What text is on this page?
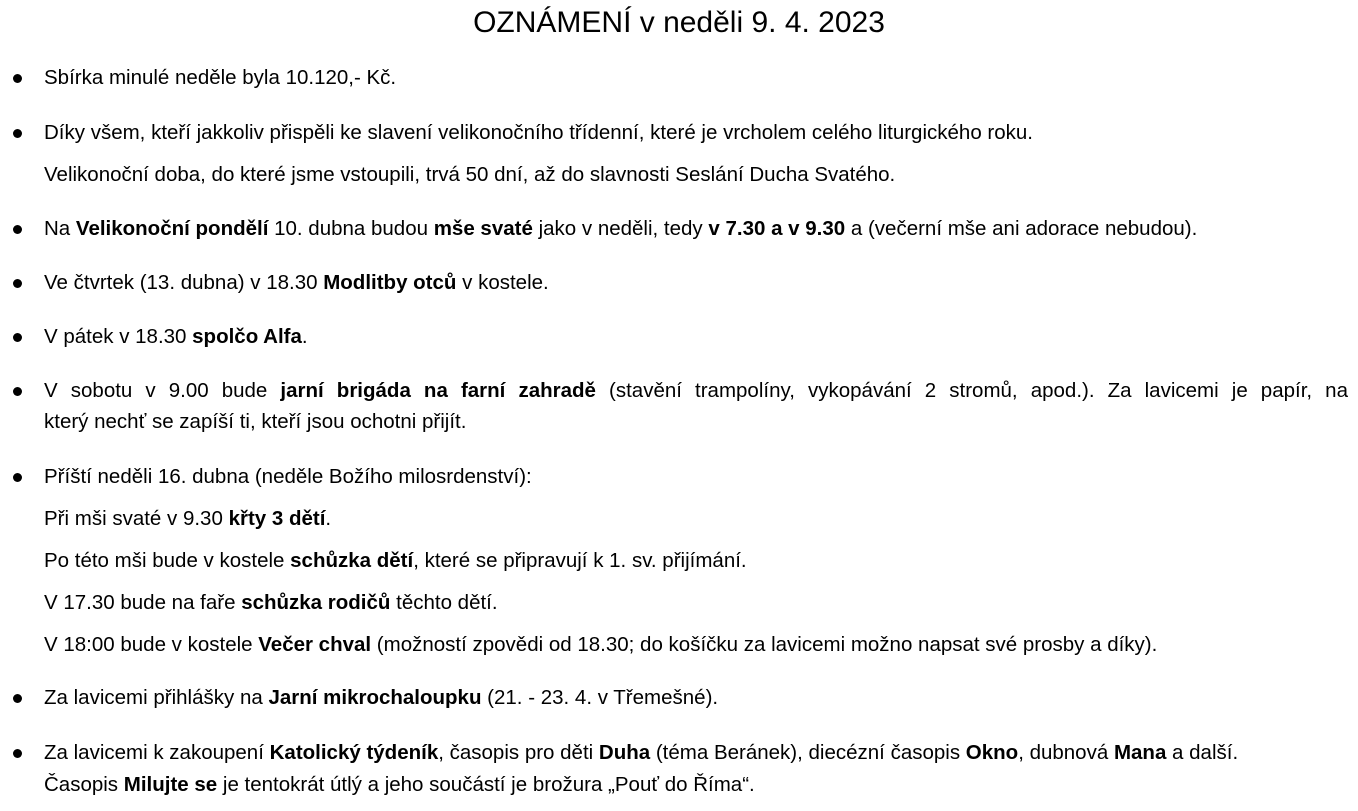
OZNÁMENÍ v neděli 9. 4. 2023
Sbírka minulé neděle byla 10.120,- Kč.
Díky všem, kteří jakkoliv přispěli ke slavení velikonočního třídenní, které je vrcholem celého liturgického roku.
Velikonoční doba, do které jsme vstoupili, trvá 50 dní, až do slavnosti Seslání Ducha Svatého.
Na Velikonoční pondělí 10. dubna budou mše svaté jako v neděli, tedy v 7.30 a v 9.30 a (večerní mše ani adorace nebudou).
Ve čtvrtek (13. dubna) v 18.30 Modlitby otců v kostele.
V pátek v 18.30 spolčo Alfa.
V sobotu v 9.00 bude jarní brigáda na farní zahradě (stavění trampolíny, vykopávání 2 stromů, apod.). Za lavicemi je papír, na
který nechť se zapíší ti, kteří jsou ochotni přijít.
Příští neděli 16. dubna (neděle Božího milosrdenství):
Při mši svaté v 9.30 křty 3 dětí.
Po této mši bude v kostele schůzka dětí, které se připravují k 1. sv. přijímání.
V 17.30 bude na faře schůzka rodičů těchto dětí.
V 18:00 bude v kostele Večer chval (možností zpovědi od 18.30; do košíčku za lavicemi možno napsat své prosby a díky).
Za lavicemi přihlášky na Jarní mikrochaloupku (21. - 23. 4. v Třemešné).
Za lavicemi k zakoupení Katolický týdeník, časopis pro děti Duha (téma Beránek), diecézní časopis Okno, dubnová Mana a další.
Časopis Milujte se je tentokrát útlý a jeho součástí je brožura „Pouť do Říma“.
